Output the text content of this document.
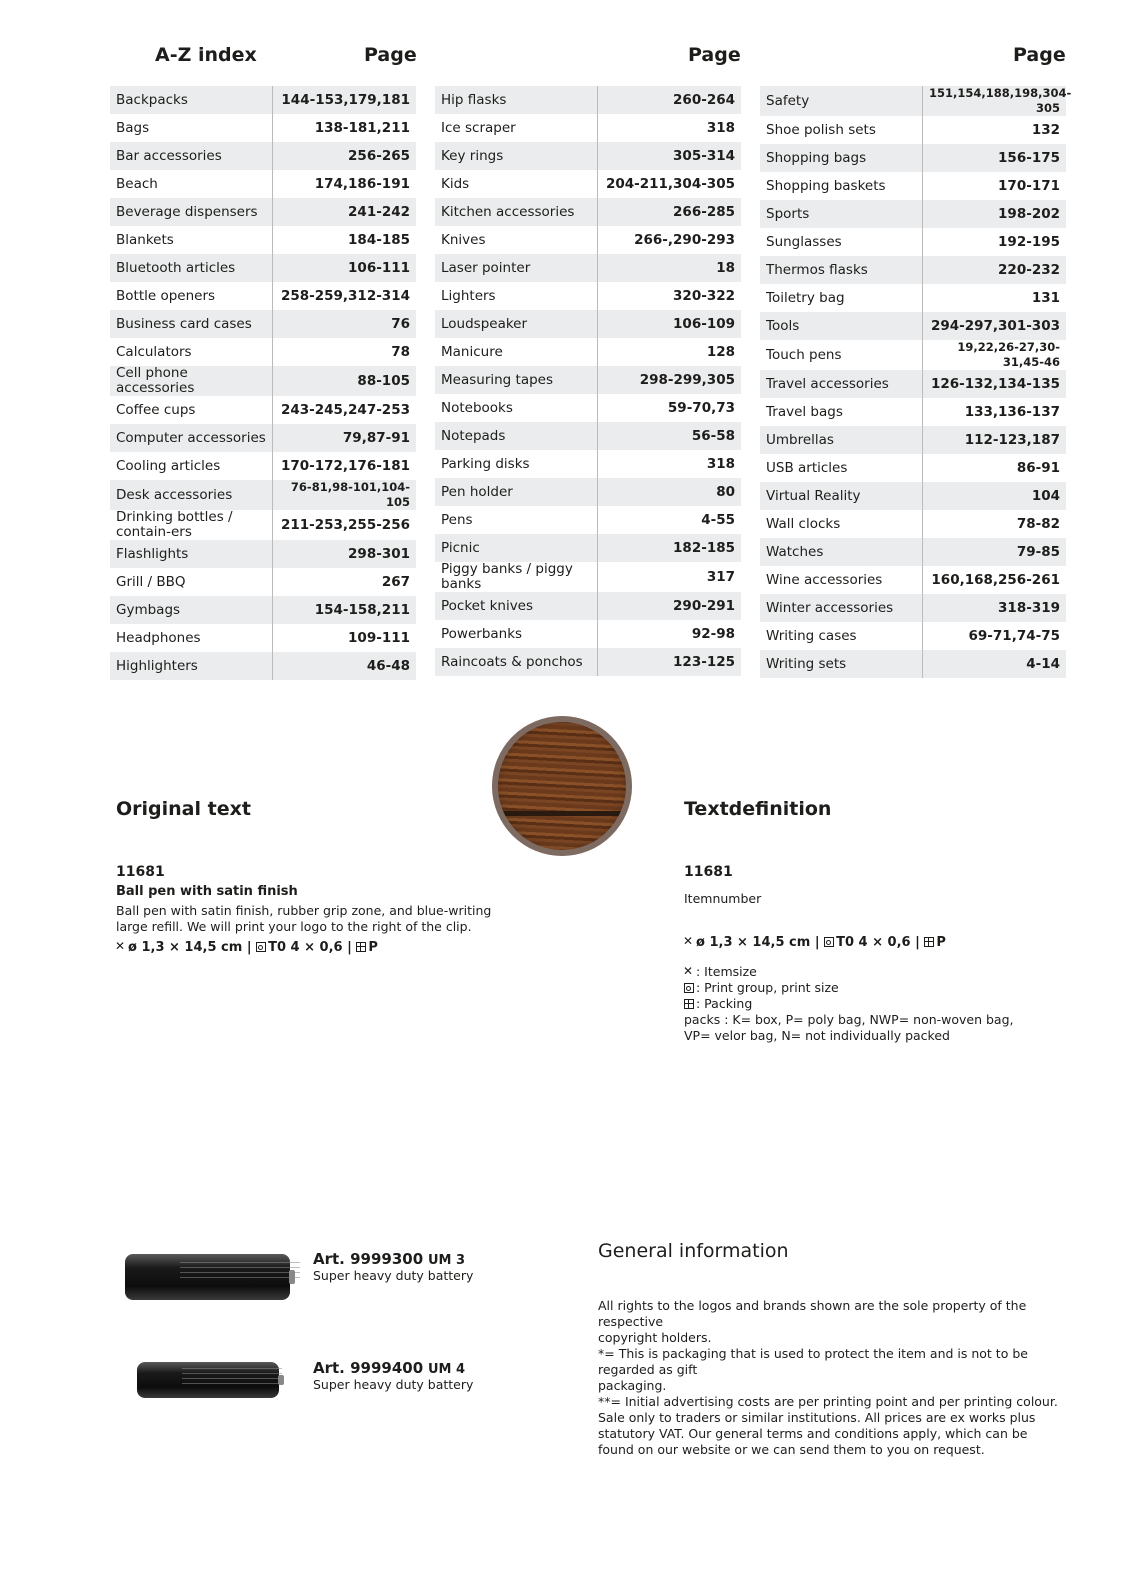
A-Z index	Page	Page	Page
Backpacks	144-153,179,181
Bags	138-181,211
Bar accessories	256-265
Beach	174,186-191
Beverage dispensers	241-242
Blankets	184-185
Bluetooth articles	106-111
Bottle openers	258-259,312-314
Business card cases	76
Calculators	78
Cell phone accessories	88-105
Coffee cups	243-245,247-253
Computer accessories	79,87-91
Cooling articles	170-172,176-181
Desk accessories	76-81,98-101,104-105
Drinking bottles / contain-ers	211-253,255-256
Flashlights	298-301
Grill / BBQ	267
Gymbags	154-158,211
Headphones	109-111
Highlighters	46-48
Hip flasks	260-264
Ice scraper	318
Key rings	305-314
Kids	204-211,304-305
Kitchen accessories	266-285
Knives	266-,290-293
Laser pointer	18
Lighters	320-322
Loudspeaker	106-109
Manicure	128
Measuring tapes	298-299,305
Notebooks	59-70,73
Notepads	56-58
Parking disks	318
Pen holder	80
Pens	4-55
Picnic	182-185
Piggy banks / piggy banks	317
Pocket knives	290-291
Powerbanks	92-98
Raincoats & ponchos	123-125
Safety	151,154,188,198,304-305
Shoe polish sets	132
Shopping bags	156-175
Shopping baskets	170-171
Sports	198-202
Sunglasses	192-195
Thermos flasks	220-232
Toiletry bag	131
Tools	294-297,301-303
Touch pens	19,22,26-27,30-31,45-46
Travel accessories	126-132,134-135
Travel bags	133,136-137
Umbrellas	112-123,187
USB articles	86-91
Virtual Reality	104
Wall clocks	78-82
Watches	79-85
Wine accessories	160,168,256-261
Winter accessories	318-319
Writing cases	69-71,74-75
Writing sets	4-14
Original text
11681
Ball pen with satin finish
Ball pen with satin finish, rubber grip zone, and blue-writing large refill. We will print your logo to the right of the clip.
✕ø 1,3 × 14,5 cm | T0 4 × 0,6 | P
Textdefinition
11681
Itemnumber
✕ø 1,3 × 14,5 cm | T0 4 × 0,6 | P
✕: Itemsize
: Print group, print size
: Packing
packs : K= box, P= poly bag, NWP= non-woven bag,
VP= velor bag, N= not individually packed
Art. 9999300 UM 3
Super heavy duty battery
Art. 9999400 UM 4
Super heavy duty battery
General information
All rights to the logos and brands shown are the sole property of the respective
copyright holders.
*= This is packaging that is used to protect the item and is not to be regarded as gift
packaging.
**= Initial advertising costs are per printing point and per printing colour.
Sale only to traders or similar institutions. All prices are ex works plus
statutory VAT. Our general terms and conditions apply, which can be
found on our website or we can send them to you on request.
